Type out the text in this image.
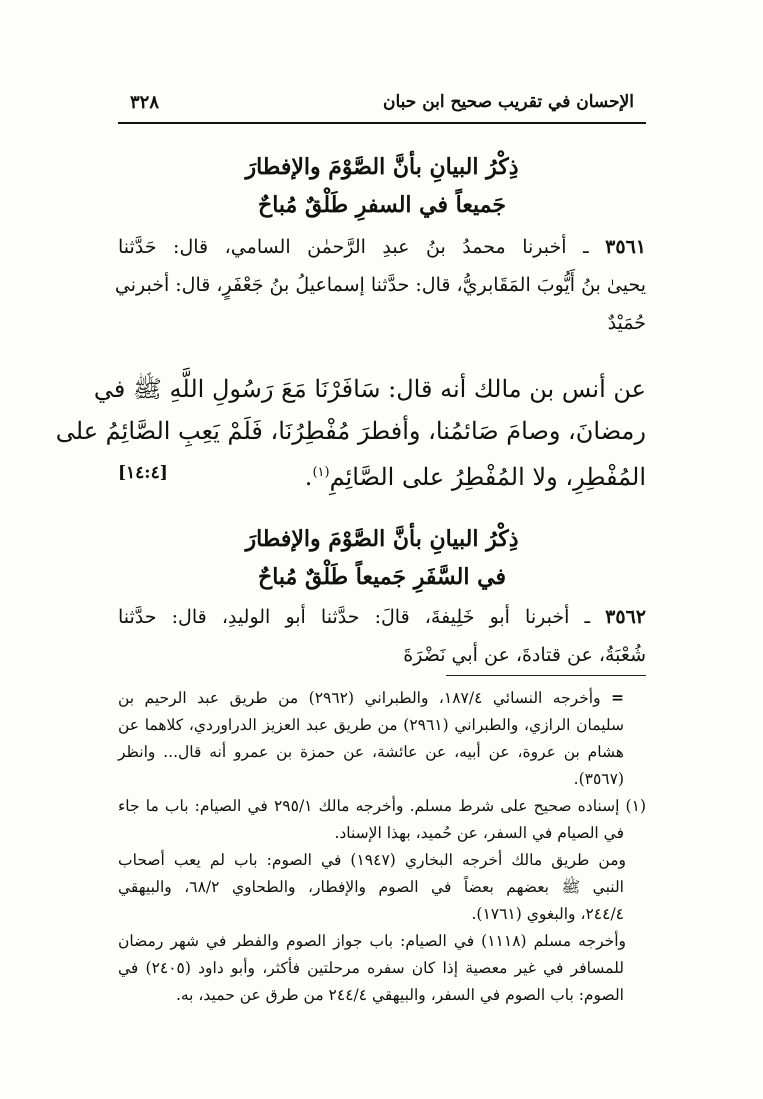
الإحسان في تقريب صحيح ابن حبان
٣٢٨
ذِكْرُ البيانِ بأنَّ الصَّوْمَ والإفطارَ
جَميعاً في السفرِ طَلْقٌ مُباحٌ
٣٥٦١ ـ أخبرنا محمدُ بنُ عبدِ الرَّحمٰن السامي، قال: حَدَّثنا
يحيىٰ بنُ أَيُّوبَ المَقَابريُّ، قال: حدَّثنا إسماعيلُ بنُ جَعْفَرٍ، قال: أخبرني
حُمَيْدٌ
عن أنس بن مالك أنه قال: سَافَرْنَا مَعَ رَسُولِ اللَّهِ ﷺ في
رمضانَ، وصامَ صَائمُنا، وأفطرَ مُفْطِرُنَا، فَلَمْ يَعِبِ الصَّائِمُ على
المُفْطِرِ، ولا المُفْطِرُ على الصَّائِمِ$^{(١)}$.
[١٤:٤]
ذِكْرُ البيانِ بأنَّ الصَّوْمَ والإفطارَ
في السَّفَرِ جَميعاً طَلْقٌ مُباحٌ
٣٥٦٢ ـ أخبرنا أبو خَلِيفةَ، قالَ: حدَّثنا أبو الوليدِ، قال: حدَّثنا
شُعْبَةُ، عن قتادةَ، عن أبي نَضْرَةَ
= وأخرجه النسائي ١٨٧/٤، والطبراني (٢٩٦٢) من طريق عبد الرحيم بن
سليمان الرازي، والطبراني (٢٩٦١) من طريق عبد العزيز الدراوردي، كلاهما عن
هشام بن عروة، عن أبيه، عن عائشة، عن حمزة بن عمرو أنه قال... وانظر
(٣٥٦٧).
(١) إسناده صحيح على شرط مسلم. وأخرجه مالك ٢٩٥/١ في الصيام: باب ما جاء
في الصيام في السفر، عن حُميد، بهذا الإسناد.
ومن طريق مالك أخرجه البخاري (١٩٤٧) في الصوم: باب لم يعب أصحاب
النبي ﷺ بعضهم بعضاً في الصوم والإفطار، والطحاوي ٦٨/٢، والبيهقي
٢٤٤/٤، والبغوي (١٧٦١).
وأخرجه مسلم (١١١٨) في الصيام: باب جواز الصوم والفطر في شهر رمضان
للمسافر في غير معصية إذا كان سفره مرحلتين فأكثر، وأبو داود (٢٤٠٥) في
الصوم: باب الصوم في السفر، والبيهقي ٢٤٤/٤ من طرق عن حميد، به.
